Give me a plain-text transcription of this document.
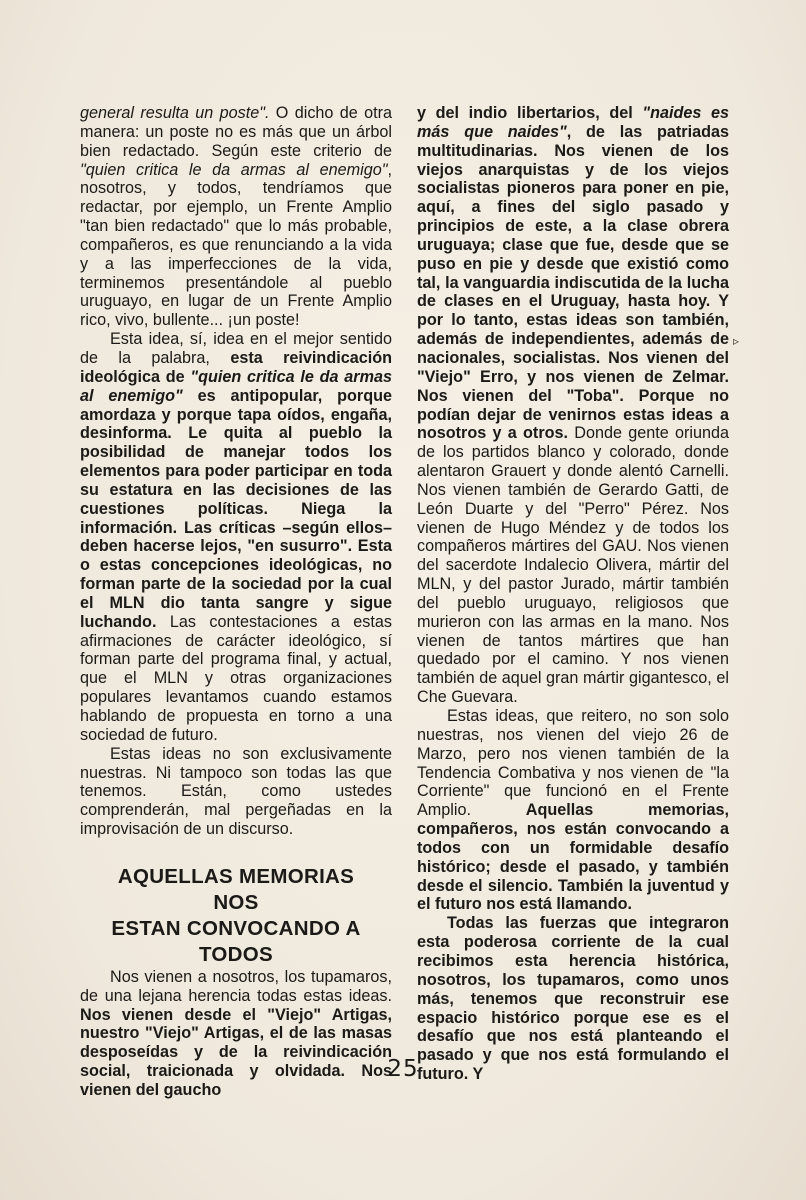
general resulta un poste". O dicho de otra manera: un poste no es más que un árbol bien redactado. Según este criterio de "quien critica le da armas al enemigo", nosotros, y todos, tendríamos que redactar, por ejemplo, un Frente Amplio "tan bien redactado" que lo más probable, compañeros, es que renunciando a la vida y a las imperfecciones de la vida, terminemos presentándole al pueblo uruguayo, en lugar de un Frente Amplio rico, vivo, bullente... ¡un poste!

Esta idea, sí, idea en el mejor sentido de la palabra, esta reivindicación ideológica de "quien critica le da armas al enemigo" es antipopular, porque amordaza y porque tapa oídos, engaña, desinforma. Le quita al pueblo la posibilidad de manejar todos los elementos para poder participar en toda su estatura en las decisiones de las cuestiones políticas. Niega la información. Las críticas –según ellos– deben hacerse lejos, "en susurro". Esta o estas concepciones ideológicas, no forman parte de la sociedad por la cual el MLN dio tanta sangre y sigue luchando. Las contestaciones a estas afirmaciones de carácter ideológico, sí forman parte del programa final, y actual, que el MLN y otras organizaciones populares levantamos cuando estamos hablando de propuesta en torno a una sociedad de futuro.

Estas ideas no son exclusivamente nuestras. Ni tampoco son todas las que tenemos. Están, como ustedes comprenderán, mal pergeñadas en la improvisación de un discurso.

AQUELLAS MEMORIAS
NOS
ESTAN CONVOCANDO A
TODOS

Nos vienen a nosotros, los tupamaros, de una lejana herencia todas estas ideas. Nos vienen desde el "Viejo" Artigas, nuestro "Viejo" Artigas, el de las masas desposeídas y de la reivindicación social, traicionada y olvidada. Nos vienen del gaucho

y del indio libertarios, del "naides es más que naides", de las patriadas multitudinarias. Nos vienen de los viejos anarquistas y de los viejos socialistas pioneros para poner en pie, aquí, a fines del siglo pasado y principios de este, a la clase obrera uruguaya; clase que fue, desde que se puso en pie y desde que existió como tal, la vanguardia indiscutida de la lucha de clases en el Uruguay, hasta hoy. Y por lo tanto, estas ideas son también, además de independientes, además de nacionales, socialistas. Nos vienen del "Viejo" Erro, y nos vienen de Zelmar. Nos vienen del "Toba". Porque no podían dejar de venirnos estas ideas a nosotros y a otros. Donde gente oriunda de los partidos blanco y colorado, donde alentaron Grauert y donde alentó Carnelli. Nos vienen también de Gerardo Gatti, de León Duarte y del "Perro" Pérez. Nos vienen de Hugo Méndez y de todos los compañeros mártires del GAU. Nos vienen del sacerdote Indalecio Olivera, mártir del MLN, y del pastor Jurado, mártir también del pueblo uruguayo, religiosos que murieron con las armas en la mano. Nos vienen de tantos mártires que han quedado por el camino. Y nos vienen también de aquel gran mártir gigantesco, el Che Guevara.

Estas ideas, que reitero, no son solo nuestras, nos vienen del viejo 26 de Marzo, pero nos vienen también de la Tendencia Combativa y nos vienen de "la Corriente" que funcionó en el Frente Amplio. Aquellas memorias, compañeros, nos están convocando a todos con un formidable desafío histórico; desde el pasado, y también desde el silencio. También la juventud y el futuro nos está llamando.

Todas las fuerzas que integraron esta poderosa corriente de la cual recibimos esta herencia histórica, nosotros, los tupamaros, como unos más, tenemos que reconstruir ese espacio histórico porque ese es el desafío que nos está planteando el pasado y que nos está formulando el futuro. Y

▹
25
